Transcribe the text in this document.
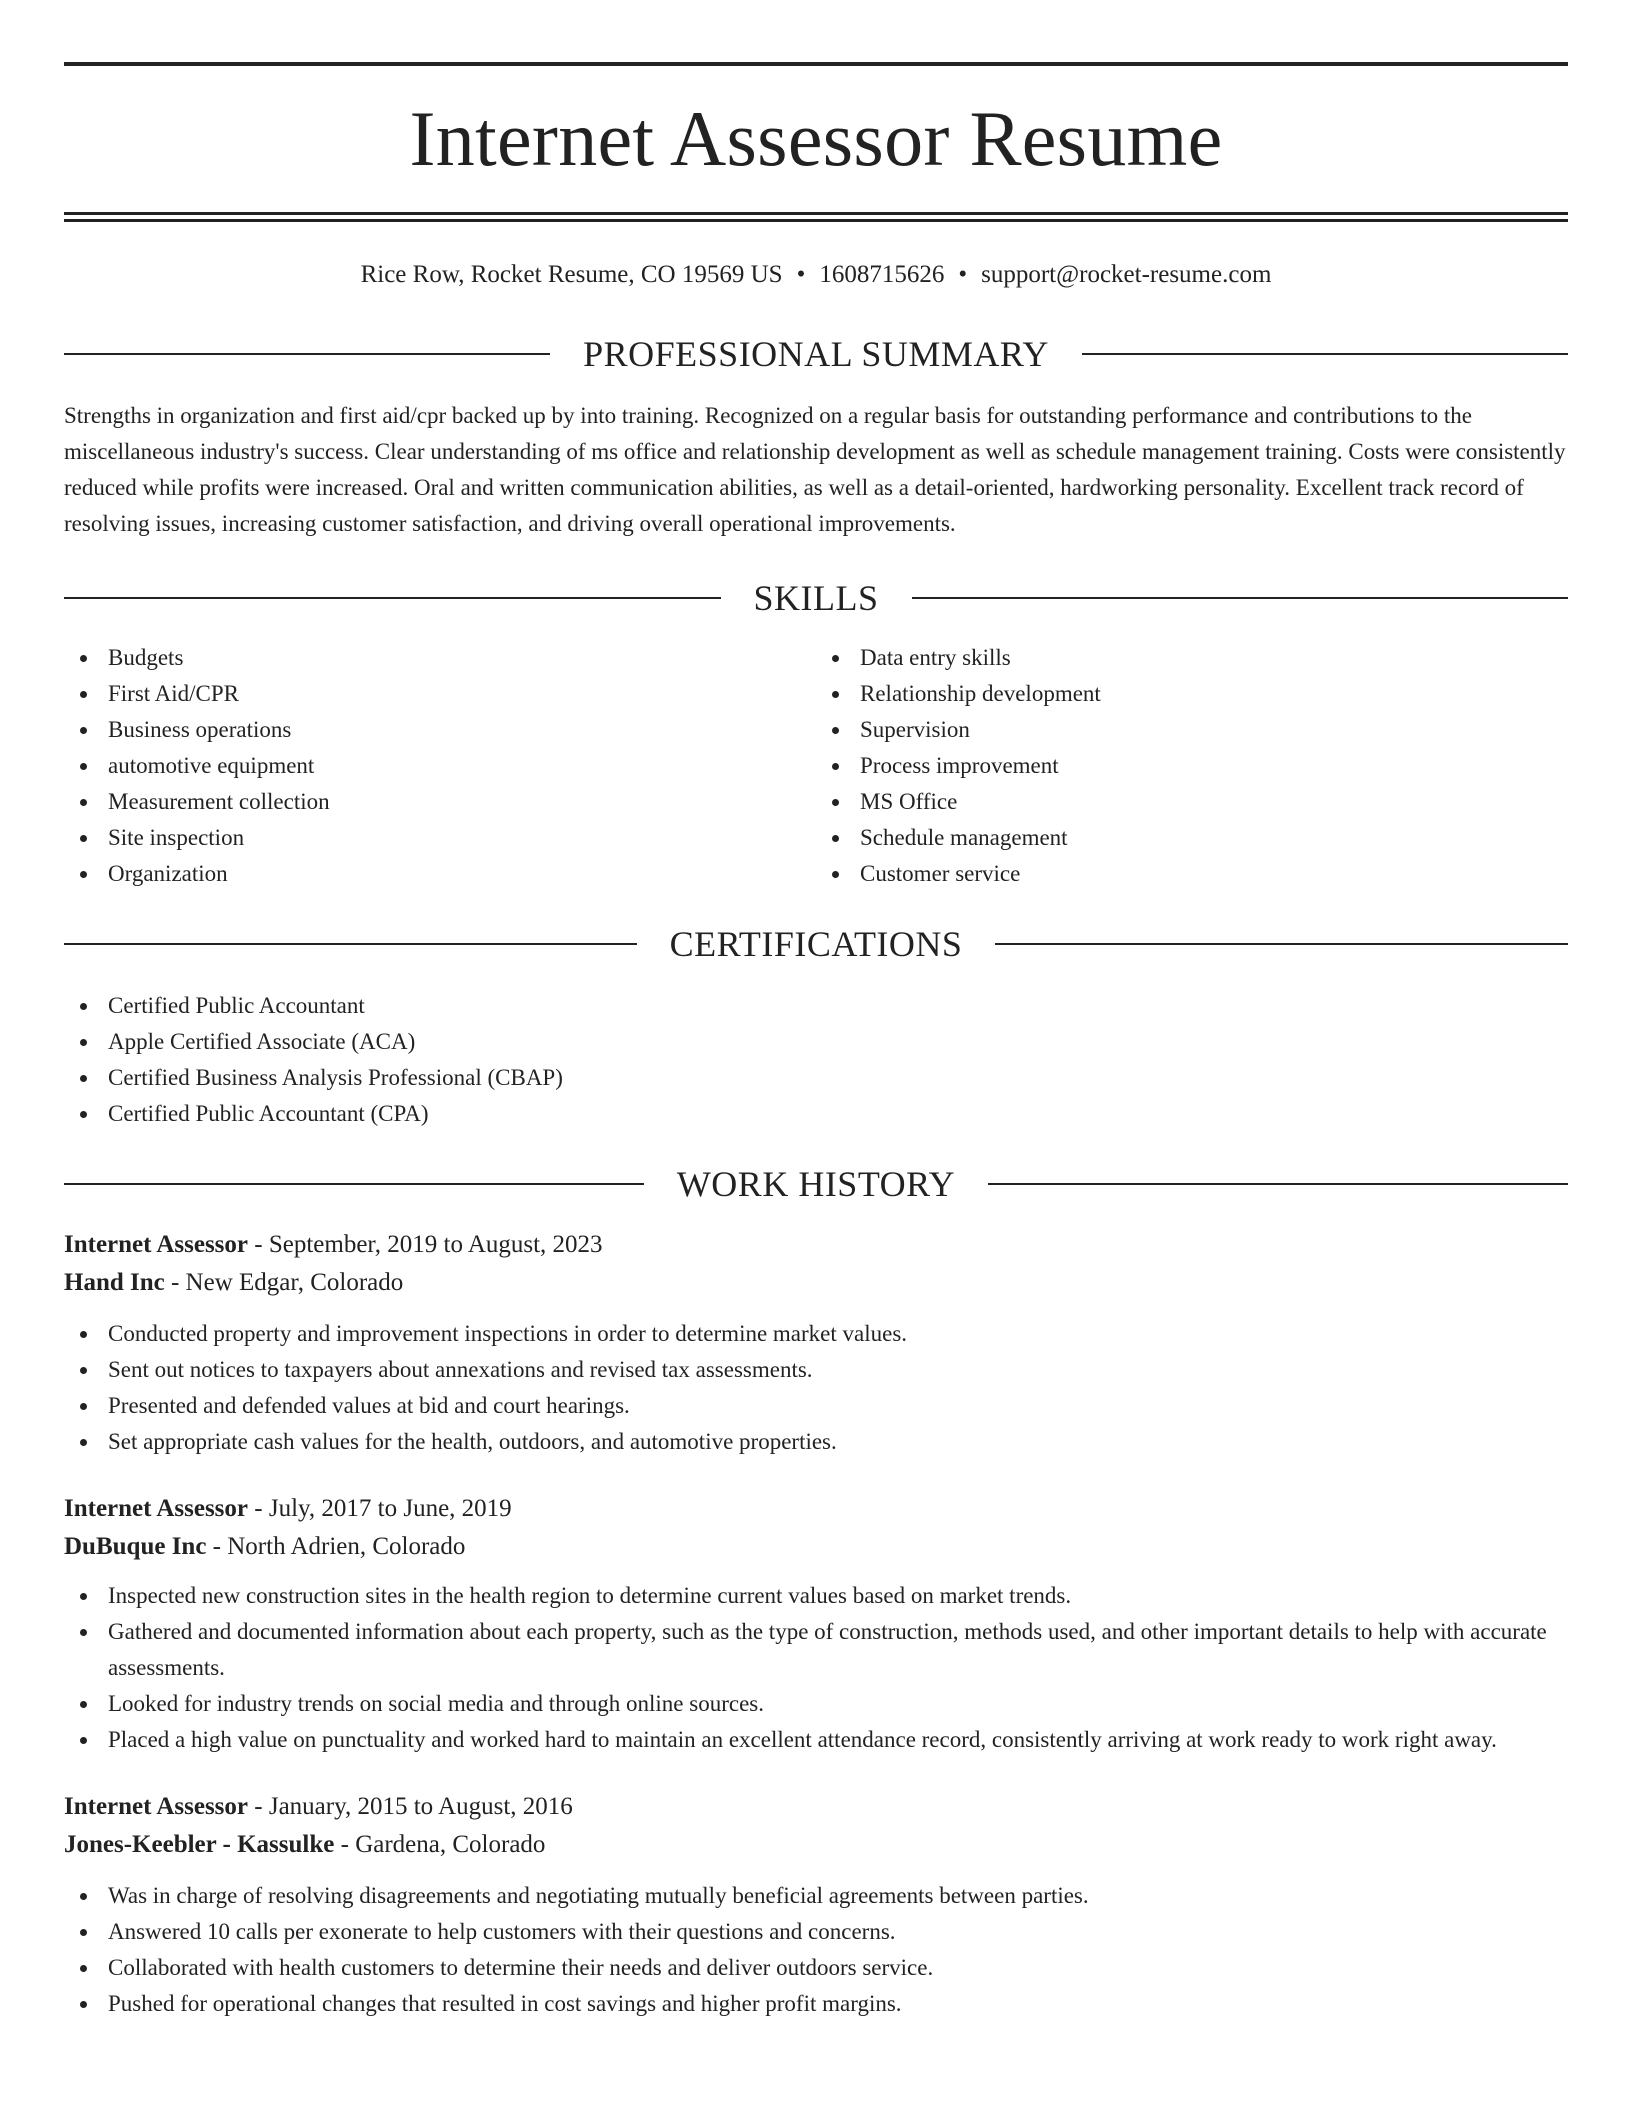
Internet Assessor Resume
Rice Row, Rocket Resume, CO 19569 US • 1608715626 • support@rocket-resume.com
PROFESSIONAL SUMMARY

Strengths in organization and first aid/cpr backed up by into training. Recognized on a regular basis for outstanding performance and contributions to the miscellaneous industry's success. Clear understanding of ms office and relationship development as well as schedule management training. Costs were consistently reduced while profits were increased. Oral and written communication abilities, as well as a detail-oriented, hardworking personality. Excellent track record of resolving issues, increasing customer satisfaction, and driving overall operational improvements.

SKILLS
Budgets
First Aid/CPR
Business operations
automotive equipment
Measurement collection
Site inspection
Organization
Data entry skills
Relationship development
Supervision
Process improvement
MS Office
Schedule management
Customer service
CERTIFICATIONS
Certified Public Accountant
Apple Certified Associate (ACA)
Certified Business Analysis Professional (CBAP)
Certified Public Accountant (CPA)
WORK HISTORY
Internet Assessor - September, 2019 to August, 2023
Hand Inc - New Edgar, Colorado
Conducted property and improvement inspections in order to determine market values.
Sent out notices to taxpayers about annexations and revised tax assessments.
Presented and defended values at bid and court hearings.
Set appropriate cash values for the health, outdoors, and automotive properties.
Internet Assessor - July, 2017 to June, 2019
DuBuque Inc - North Adrien, Colorado
Inspected new construction sites in the health region to determine current values based on market trends.
Gathered and documented information about each property, such as the type of construction, methods used, and other important details to help with accurate assessments.
Looked for industry trends on social media and through online sources.
Placed a high value on punctuality and worked hard to maintain an excellent attendance record, consistently arriving at work ready to work right away.
Internet Assessor - January, 2015 to August, 2016
Jones-Keebler - Kassulke - Gardena, Colorado
Was in charge of resolving disagreements and negotiating mutually beneficial agreements between parties.
Answered 10 calls per exonerate to help customers with their questions and concerns.
Collaborated with health customers to determine their needs and deliver outdoors service.
Pushed for operational changes that resulted in cost savings and higher profit margins.
